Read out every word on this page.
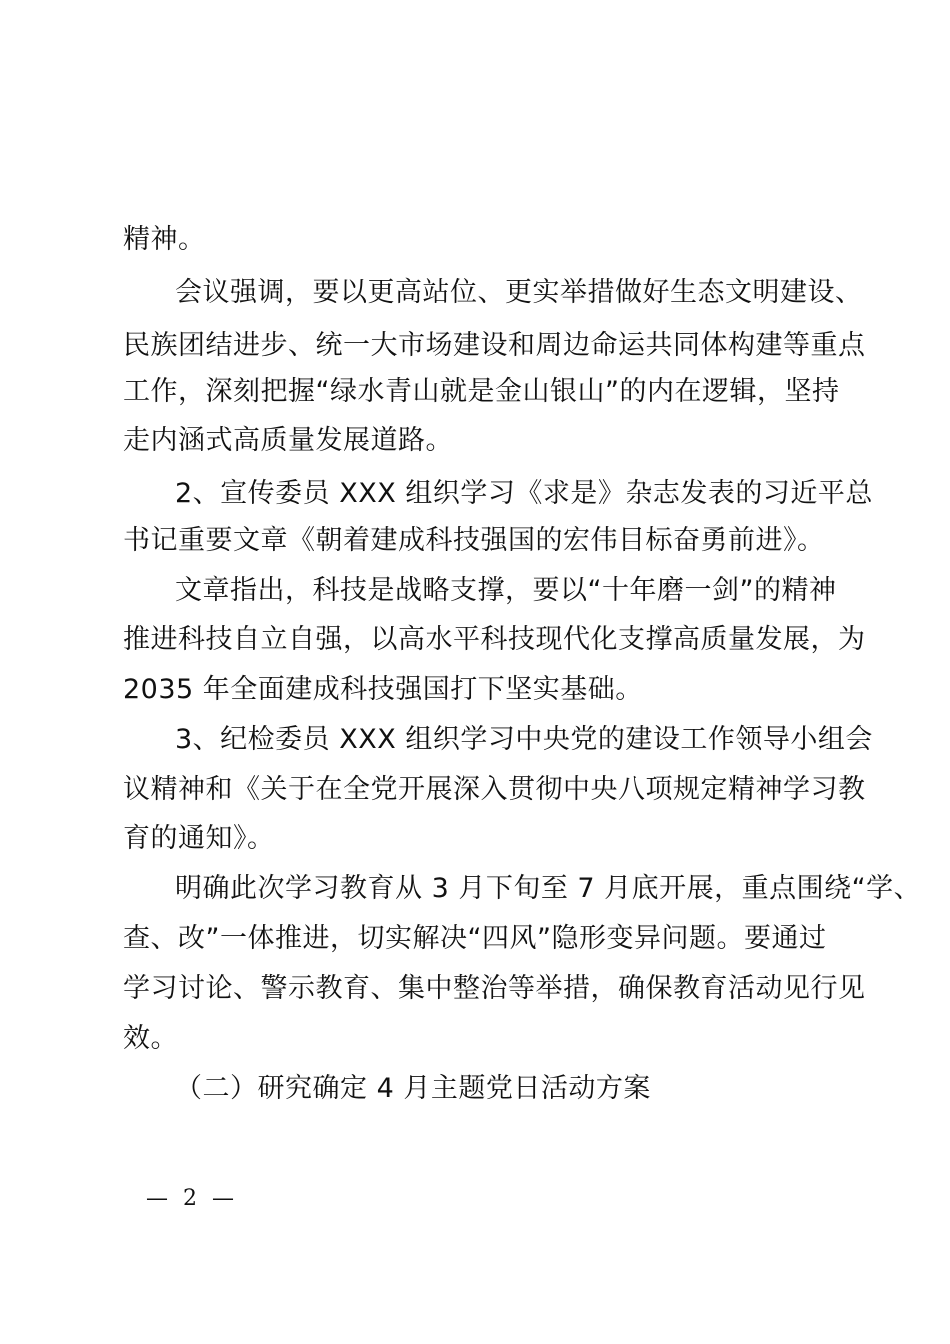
精神。
会议强调，要以更高站位、更实举措做好生态文明建设、
民族团结进步、统一大市场建设和周边命运共同体构建等重点
工作，深刻把握“绿水青山就是金山银山”的内在逻辑，坚持
走内涵式高质量发展道路。
2、宣传委员 XXX 组织学习《求是》杂志发表的习近平总
书记重要文章《朝着建成科技强国的宏伟目标奋勇前进》。
文章指出，科技是战略支撑，要以“十年磨一剑”的精神
推进科技自立自强，以高水平科技现代化支撑高质量发展，为
2035 年全面建成科技强国打下坚实基础。
3、纪检委员 XXX 组织学习中央党的建设工作领导小组会
议精神和《关于在全党开展深入贯彻中央八项规定精神学习教
育的通知》。
明确此次学习教育从 3 月下旬至 7 月底开展，重点围绕“学、
查、改”一体推进，切实解决“四风”隐形变异问题。要通过
学习讨论、警示教育、集中整治等举措，确保教育活动见行见
效。
（二）研究确定 4 月主题党日活动方案
— 2 —
